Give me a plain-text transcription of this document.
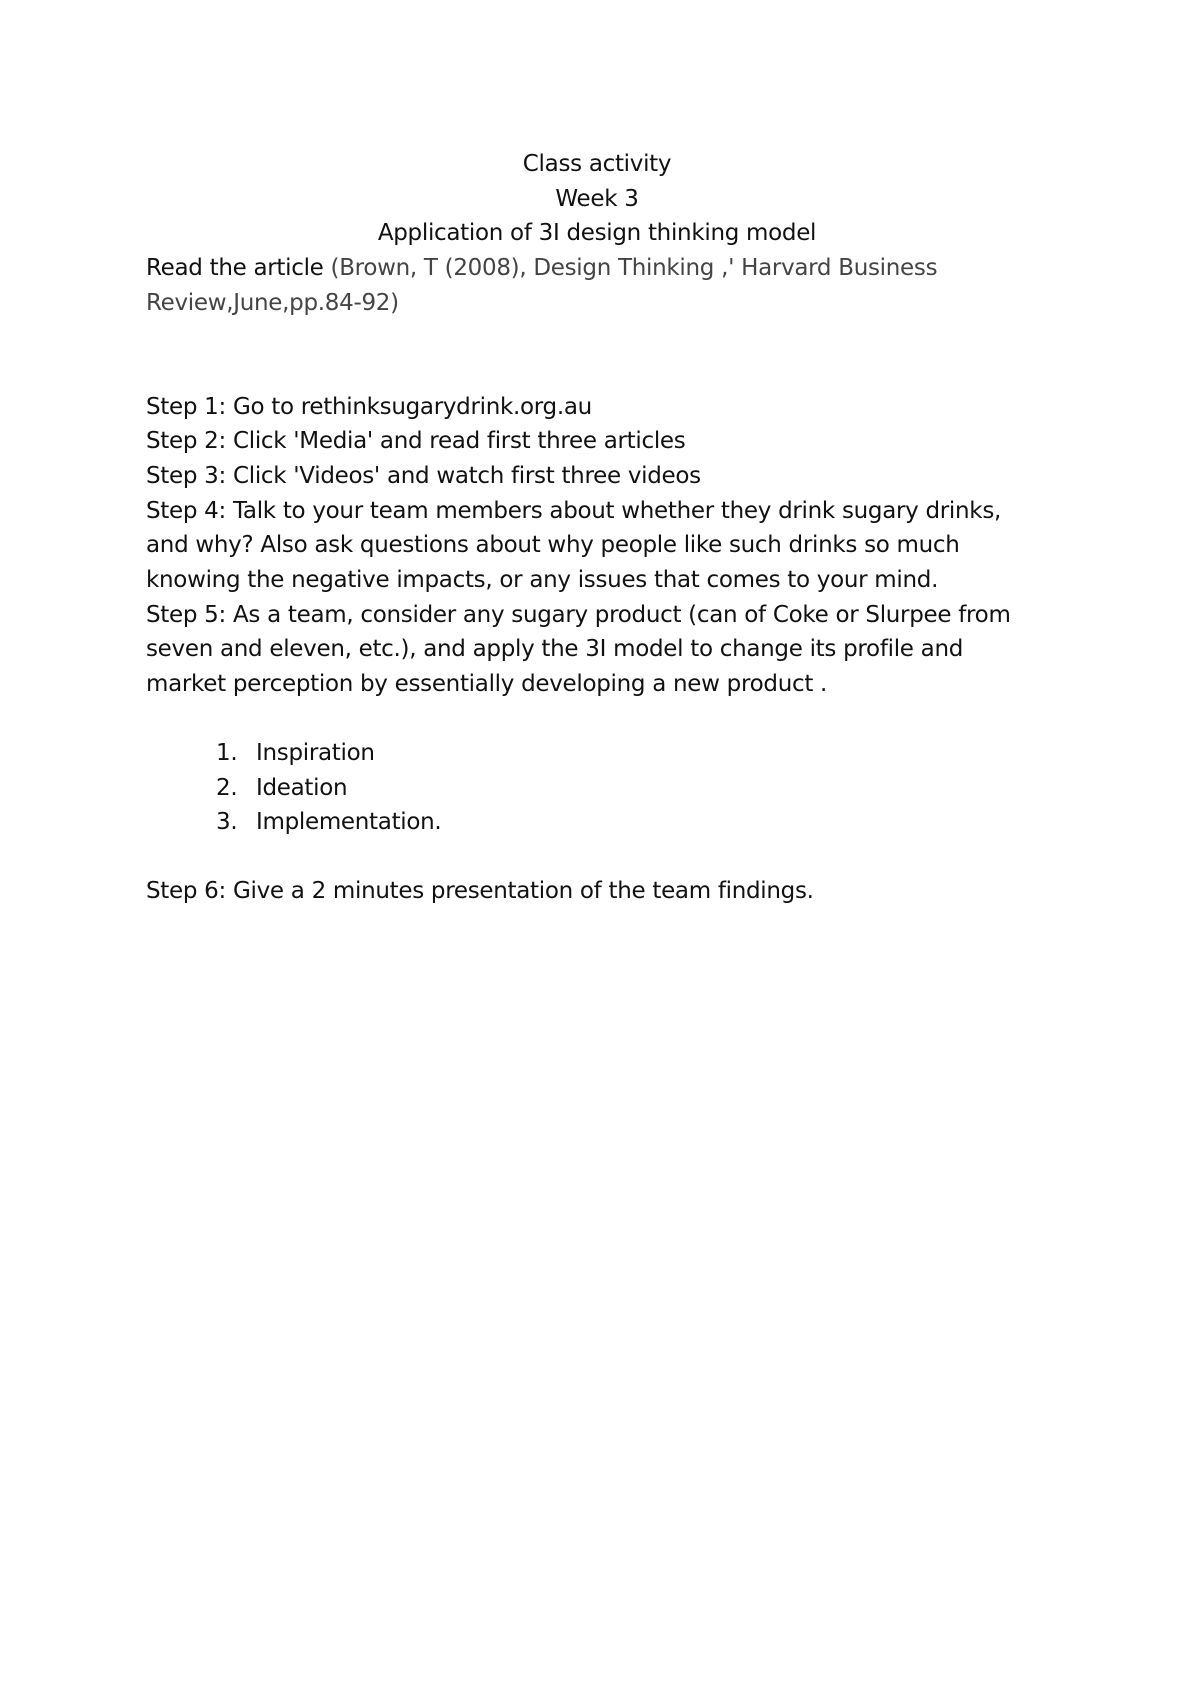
Class activity
Week 3
Application of 3I design thinking model
Read the article (Brown, T (2008), Design Thinking ,' Harvard Business
Review,June,pp.84-92)
Step 1: Go to rethinksugarydrink.org.au
Step 2: Click 'Media' and read first three articles
Step 3: Click 'Videos' and watch first three videos
Step 4: Talk to your team members about whether they drink sugary drinks,
and why? Also ask questions about why people like such drinks so much
knowing the negative impacts, or any issues that comes to your mind.
Step 5: As a team, consider any sugary product (can of Coke or Slurpee from
seven and eleven, etc.), and apply the 3I model to change its profile and
market perception by essentially developing a new product .
1. Inspiration
2. Ideation
3. Implementation.
Step 6: Give a 2 minutes presentation of the team findings.
